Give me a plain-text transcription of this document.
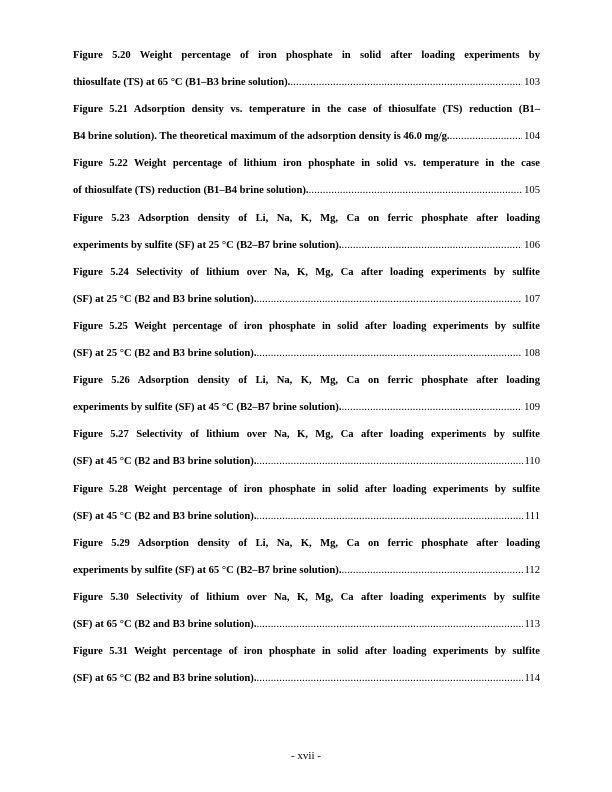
Figure 5.20 Weight percentage of iron phosphate in solid after loading experiments by
thiosulfate (TS) at 65 °C (B1–B3 brine solution). .....	103
Figure 5.21 Adsorption density vs. temperature in the case of thiosulfate (TS) reduction (B1–
B4 brine solution). The theoretical maximum of the adsorption density is 46.0 mg/g. .....	104
Figure 5.22 Weight percentage of lithium iron phosphate in solid vs. temperature in the case
of thiosulfate (TS) reduction (B1–B4 brine solution). .....	105
Figure 5.23 Adsorption density of Li, Na, K, Mg, Ca on ferric phosphate after loading
experiments by sulfite (SF) at 25 °C (B2–B7 brine solution). .....	106
Figure 5.24 Selectivity of lithium over Na, K, Mg, Ca after loading experiments by sulfite
(SF) at 25 °C (B2 and B3 brine solution). .....	107
Figure 5.25 Weight percentage of iron phosphate in solid after loading experiments by sulfite
(SF) at 25 °C (B2 and B3 brine solution). .....	108
Figure 5.26 Adsorption density of Li, Na, K, Mg, Ca on ferric phosphate after loading
experiments by sulfite (SF) at 45 °C (B2–B7 brine solution). .....	109
Figure 5.27 Selectivity of lithium over Na, K, Mg, Ca after loading experiments by sulfite
(SF) at 45 °C (B2 and B3 brine solution). .....	110
Figure 5.28 Weight percentage of iron phosphate in solid after loading experiments by sulfite
(SF) at 45 °C (B2 and B3 brine solution). .....	111
Figure 5.29 Adsorption density of Li, Na, K, Mg, Ca on ferric phosphate after loading
experiments by sulfite (SF) at 65 °C (B2–B7 brine solution). .....	112
Figure 5.30 Selectivity of lithium over Na, K, Mg, Ca after loading experiments by sulfite
(SF) at 65 °C (B2 and B3 brine solution). .....	113
Figure 5.31 Weight percentage of iron phosphate in solid after loading experiments by sulfite
(SF) at 65 °C (B2 and B3 brine solution). .....	114
- xvii -
